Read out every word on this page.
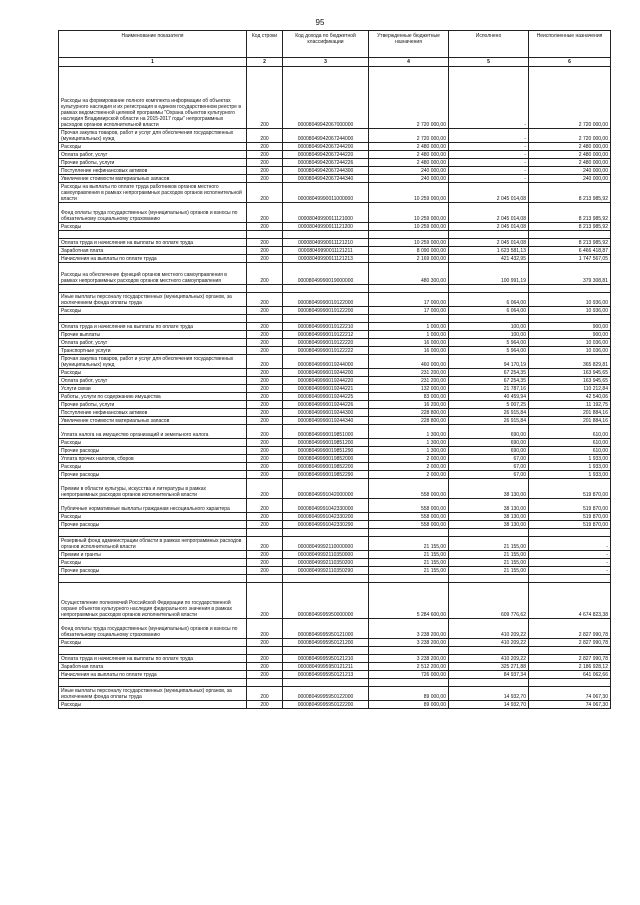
95
Наименование показателя	Код строки	Код дохода по бюджетной классификации	Утвержденные бюджетные назначения	Исполнено	Неисполненные назначения
1	2	3	4	5	6
Расходы на формирование полного комплекта информации об объектах культурного наследия и их регистрация в едином государственном реестре в рамках ведомственной целевой программы "Охрана объектов культурного наследия Владимирской области на 2015-2017 годы" непрограммных расходов органов исполнительной власти	200	00008049942067000000	2 720 000,00	-	2 720 000,00
Прочая закупка товаров, работ и услуг для обеспечения государственных (муниципальных) нужд	200	00008049942067244000	2 720 000,00	-	2 720 000,00
Расходы	200	00008049942067244200	2 480 000,00	-	2 480 000,00
Оплата работ, услуг	200	00008049942067244220	2 480 000,00	-	2 480 000,00
Прочие работы, услуги	200	00008049942067244226	2 480 000,00	-	2 480 000,00
Поступление нефинансовых активов	200	00008049942067244300	240 000,00	-	240 000,00
Увеличение стоимости материальных запасов	200	00008049942067244340	240 000,00	-	240 000,00
Расходы на выплаты по оплате труда работников органов местного самоуправления в рамках непрограммных расходов органов исполнительной власти	200	00008049990011000000	10 259 000,00	2 045 014,08	8 213 985,92
Фонд оплаты труда государственных (муниципальных) органов и взносы по обязательному социальному страхованию	200	00008049990011121000	10 259 000,00	2 045 014,08	8 213 985,92
Расходы	200	00008049990011121200	10 259 000,00	2 045 014,08	8 213 985,92

Оплата труда и начисления на выплаты по оплате труда	200	00008049990011121210	10 259 000,00	2 045 014,08	8 213 985,92
Заработная плата	200	00008049990011121211	8 090 000,00	1 623 581,13	6 466 418,87
Начисления на выплаты по оплате труда	200	00008049990011121213	2 169 000,00	421 432,95	1 747 567,05
Расходы на обеспечение функций органов местного самоуправления в рамках непрограммных расходов органов местного самоуправления	200	00008049990019000000	480 300,00	100 991,19	379 308,81

Иные выплаты персоналу государственных (муниципальных) органов, за исключением фонда оплаты труда	200	00008049990019122000	17 000,00	6 064,00	10 936,00
Расходы	200	00008049990019122200	17 000,00	6 064,00	10 936,00

Оплата труда и начисления на выплаты по оплате труда	200	00008049990019122210	1 000,00	100,00	900,00
Прочие выплаты	200	00008049990019122212	1 000,00	100,00	900,00
Оплата работ, услуг	200	00008049990019122220	16 000,00	5 964,00	10 036,00
Транспортные услуги	200	00008049990019122222	16 000,00	5 964,00	10 036,00
Прочая закупка товаров, работ и услуг для обеспечения государственных (муниципальных) нужд	200	00008049990019244000	460 000,00	94 170,19	365 829,81
Расходы	200	00008049990019244200	231 200,00	67 254,35	163 945,65
Оплата работ, услуг	200	00008049990019244220	231 200,00	67 254,35	163 945,65
Услуги связи	200	00008049990019244221	132 000,00	21 787,16	110 212,84
Работы, услуги по содержанию имущества	200	00008049990019244225	83 000,00	40 459,94	42 540,06
Прочие работы, услуги	200	00008049990019244226	16 200,00	5 007,25	11 192,75
Поступление нефинансовых активов	200	00008049990019244300	228 800,00	26 915,84	201 884,16
Увеличение стоимости материальных запасов	200	00008049990019244340	228 800,00	26 915,84	201 884,16
Уплата налога на имущество организаций и земельного налога	200	00008049990019851000	1 300,00	690,00	610,00
Расходы	200	00008049990019851200	1 300,00	690,00	610,00
Прочие расходы	200	00008049990019851290	1 300,00	690,00	610,00
Уплата прочих налогов, сборов	200	00008049990019852000	2 000,00	67,00	1 933,00
Расходы	200	00008049990019852200	2 000,00	67,00	1 933,00
Прочие расходы	200	00008049990019852290	2 000,00	67,00	1 933,00
Премии в области культуры, искусства и литературы в рамках непрограммных расходов органов исполнительной власти	200	00008049991042000000	558 000,00	38 130,00	519 870,00
Публичные нормативные выплаты гражданам несоциального характера	200	00008049991042330000	558 000,00	38 130,00	519 870,00
Расходы	200	00008049991042330200	558 000,00	38 130,00	519 870,00
Прочие расходы	200	00008049991042330290	558 000,00	38 130,00	519 870,00

Резервный фонд администрации области в рамках непрограммных расходов органов исполнительной власти	200	00008049992110000000	21 155,00	21 155,00	-
Премии и гранты	200	00008049992110350000	21 155,00	21 155,00	-
Расходы	200	00008049992110350200	21 155,00	21 155,00	-
Прочие расходы	200	00008049992110350290	21 155,00	21 155,00	-

Осуществление полномочий Российской Федерации по государственной охране объектов культурного наследия федерального значения в рамках непрограммных расходов органов исполнительной власти	200	00008049995950000000	5 284 600,00	609 776,62	4 674 823,38
Фонд оплаты труда государственных (муниципальных) органов и взносы по обязательному социальному страхованию	200	00008049995950121000	3 238 200,00	410 209,22	2 827 990,78
Расходы	200	00008049995950121200	3 238 200,00	410 209,22	2 827 990,78

Оплата труда и начисления на выплаты по оплате труда	200	00008049995950121210	3 238 200,00	410 209,22	2 827 990,78
Заработная плата	200	00008049995950121211	2 512 200,00	325 271,88	2 186 928,12
Начисления на выплаты по оплате труда	200	00008049995950121213	726 000,00	84 937,34	641 062,66

Иные выплаты персоналу государственных (муниципальных) органов, за исключением фонда оплаты труда	200	00008049995950122000	89 000,00	14 932,70	74 067,30
Расходы	200	00008049995950122200	89 000,00	14 932,70	74 067,30
